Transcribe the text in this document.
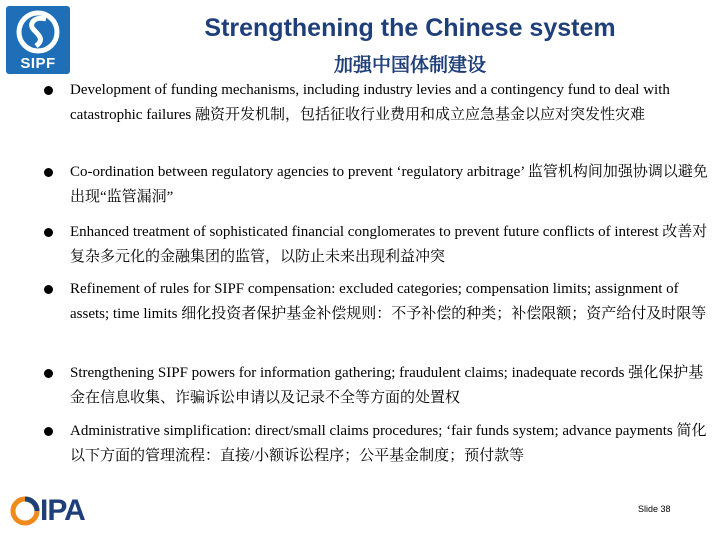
SIPF
Strengthening the Chinese system
加强中国体制建设
Development of funding mechanisms, including industry levies and a contingency fund to deal with catastrophic failures 融资开发机制，包括征收行业费用和成立应急基金以应对突发性灾难
Co-ordination between regulatory agencies to prevent ‘regulatory arbitrage’ 监管机构间加强协调以避免出现“监管漏洞”
Enhanced treatment of sophisticated financial conglomerates to prevent future conflicts of interest 改善对复杂多元化的金融集团的监管，以防止未来出现利益冲突
Refinement of rules for SIPF compensation: excluded categories; compensation limits; assignment of assets; time limits 细化投资者保护基金补偿规则：不予补偿的种类；补偿限额；资产给付及时限等
Strengthening SIPF powers for information gathering; fraudulent claims; inadequate records 强化保护基金在信息收集、诈骗诉讼申请以及记录不全等方面的处置权
Administrative simplification: direct/small claims procedures; ‘fair funds system; advance payments 简化以下方面的管理流程：直接/小额诉讼程序；公平基金制度；预付款等
IPA	Slide 38
